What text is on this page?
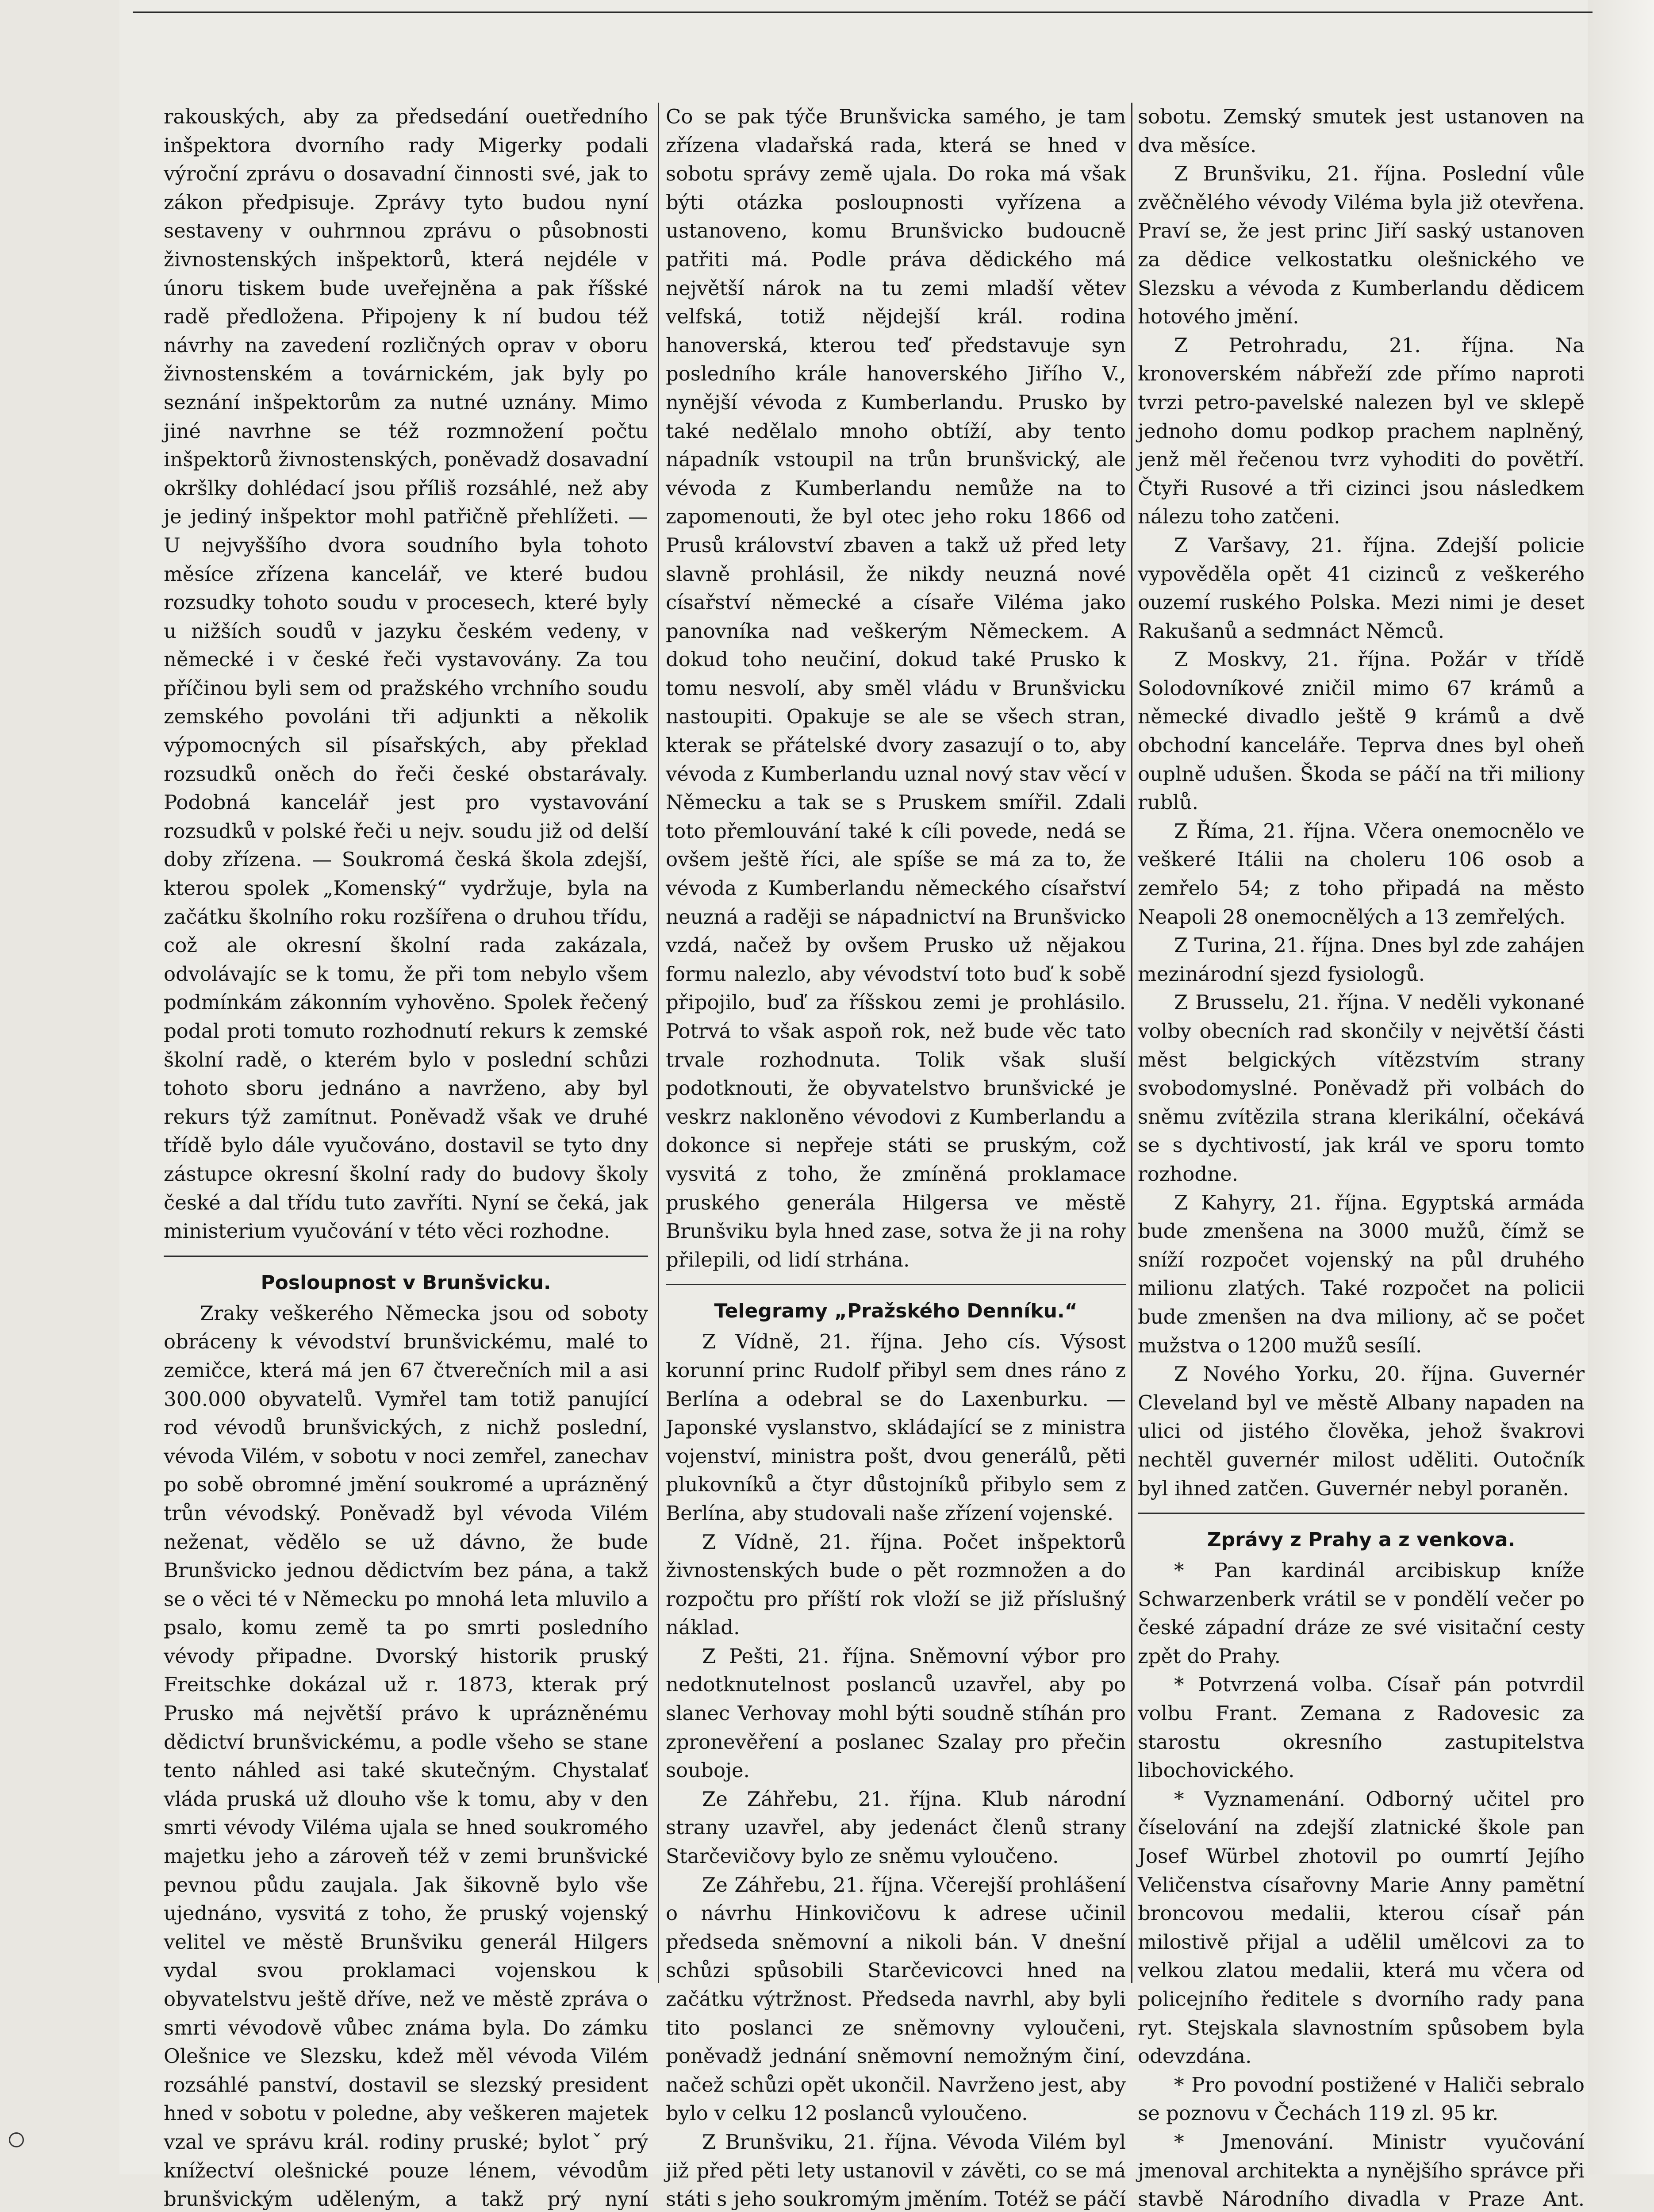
rakouských, aby za předsedání ouetředního inšpektora dvorního rady Migerky podali výroční zprávu o dosavadní činnosti své, jak to zákon předpisuje. Zprávy tyto budou nyní sestaveny v ouhrnnou zprávu o působnosti živnostenských inšpektorů, která nejdéle v únoru tiskem bude uveřejněna a pak říšské radě předložena. Připojeny k ní budou též návrhy na zavedení rozličných oprav v oboru živnostenském a továrnickém, jak byly po seznání inšpektorům za nutné uznány. Mimo jiné navrhne se též rozmnožení počtu inšpektorů živnostenských, poněvadž dosavadní okršlky dohlédací jsou příliš rozsáhlé, než aby je jediný inšpektor mohl patřičně přehlížeti. — U nejvyššího dvora soudního byla tohoto měsíce zřízena kancelář, ve které budou rozsudky tohoto soudu v procesech, které byly u nižších soudů v jazyku českém vedeny, v německé i v české řeči vystavovány. Za tou příčinou byli sem od pražského vrchního soudu zemského povoláni tři adjunkti a několik výpomocných sil písařských, aby překlad rozsudků oněch do řeči české obstarávaly. Podobná kancelář jest pro vystavování rozsudků v polské řeči u nejv. soudu již od delší doby zřízena. — Soukromá česká škola zdejší, kterou spolek „Komenský“ vydržuje, byla na začátku školního roku rozšířena o druhou třídu, což ale okresní školní rada zakázala, odvolávajíc se k tomu, že při tom nebylo všem podmínkám zákonním vyhověno. Spolek řečený podal proti tomuto rozhodnutí rekurs k zemské školní radě, o kterém bylo v poslední schůzi tohoto sboru jednáno a navrženo, aby byl rekurs týž zamítnut. Poněvadž však ve druhé třídě bylo dále vyučováno, dostavil se tyto dny zástupce okresní školní rady do budovy školy české a dal třídu tuto zavříti. Nyní se čeká, jak ministerium vyučování v této věci rozhodne.

Posloupnost v Brunšvicku.

Zraky veškerého Německa jsou od soboty obráceny k vévodství brunšvickému, malé to zemičce, která má jen 67 čtverečních mil a asi 300.000 obyvatelů. Vymřel tam totiž panující rod vévodů brunšvických, z nichž poslední, vévoda Vilém, v sobotu v noci zemřel, zanechav po sobě obromné jmění soukromé a uprázněný trůn vévodský. Poněvadž byl vévoda Vilém neženat, vědělo se už dávno, že bude Brunšvicko jednou dědictvím bez pána, a takž se o věci té v Německu po mnohá leta mluvilo a psalo, komu země ta po smrti posledního vévody připadne. Dvorský historik pruský Freitschke dokázal už r. 1873, kterak prý Prusko má největší právo k uprázněnému dědictví brunšvickému, a podle všeho se stane tento náhled asi také skutečným. Chystalať vláda pruská už dlouho vše k tomu, aby v den smrti vévody Viléma ujala se hned soukromého majetku jeho a zároveň též v zemi brunšvické pevnou půdu zaujala. Jak šikovně bylo vše ujednáno, vysvitá z toho, že pruský vojenský velitel ve městě Brunšviku generál Hilgers vydal svou proklamaci vojenskou k obyvatelstvu ještě dříve, než ve městě zpráva o smrti vévodově vůbec známa byla. Do zámku Olešnice ve Slezsku, kdež měl vévoda Vilém rozsáhlé panství, dostavil se slezský president hned v sobotu v poledne, aby veškeren majetek vzal ve správu král. rodiny pruské; bylotˇ prý knížectví olešnické pouze lénem, vévodům brunšvickým uděleným, a takž prý nyní

Co se pak týče Brunšvicka samého, je tam zřízena vladařská rada, která se hned v sobotu správy země ujala. Do roka má však býti otázka posloupnosti vyřízena a ustanoveno, komu Brunšvicko budoucně patřiti má. Podle práva dědického má největší nárok na tu zemi mladší větev velfská, totiž nějdejší král. rodina hanoverská, kterou teď představuje syn posledního krále hanoverského Jiřího V., nynější vévoda z Kumberlandu. Prusko by také nedělalo mnoho obtíží, aby tento nápadník vstoupil na trůn brunšvický, ale vévoda z Kumberlandu nemůže na to zapomenouti, že byl otec jeho roku 1866 od Prusů království zbaven a takž už před lety slavně prohlásil, že nikdy neuzná nové císařství německé a císaře Viléma jako panovníka nad veškerým Německem. A dokud toho neučiní, dokud také Prusko k tomu nesvolí, aby směl vládu v Brunšvicku nastoupiti. Opakuje se ale se všech stran, kterak se přátelské dvory zasazují o to, aby vévoda z Kumberlandu uznal nový stav věcí v Německu a tak se s Pruskem smířil. Zdali toto přemlouvání také k cíli povede, nedá se ovšem ještě říci, ale spíše se má za to, že vévoda z Kumberlandu německého císařství neuzná a raději se nápadnictví na Brunšvicko vzdá, načež by ovšem Prusko už nějakou formu nalezlo, aby vévodství toto buď k sobě připojilo, buď za říšskou zemi je prohlásilo. Potrvá to však aspoň rok, než bude věc tato trvale rozhodnuta. Tolik však sluší podotknouti, že obyvatelstvo brunšvické je veskrz nakloněno vévodovi z Kumberlandu a dokonce si nepřeje státi se pruským, což vysvitá z toho, že zmíněná proklamace pruského generála Hilgersa ve městě Brunšviku byla hned zase, sotva že ji na rohy přilepili, od lidí strhána.

Telegramy „Pražského Denníku.“

Z Vídně, 21. října. Jeho cís. Výsost korunní princ Rudolf přibyl sem dnes ráno z Berlína a odebral se do Laxenburku. — Japonské vyslanstvo, skládající se z ministra vojenství, ministra pošt, dvou generálů, pěti plukovníků a čtyr důstojníků přibylo sem z Berlína, aby studovali naše zřízení vojenské.

Z Vídně, 21. října. Počet inšpektorů živnostenských bude o pět rozmnožen a do rozpočtu pro příští rok vloží se již příslušný náklad.

Z Pešti, 21. října. Sněmovní výbor pro nedotknutelnost poslanců uzavřel, aby po slanec Verhovay mohl býti soudně stíhán pro zpronevěření a poslanec Szalay pro přečin souboje.

Ze Záhřebu, 21. října. Klub národní strany uzavřel, aby jedenáct členů strany Starčevičovy bylo ze sněmu vyloučeno.

Ze Záhřebu, 21. října. Včerejší prohlášení o návrhu Hinkovičovu k adrese učinil předseda sněmovní a nikoli bán. V dnešní schůzi spůsobili Starčevicovci hned na začátku výtržnost. Předseda navrhl, aby byli tito poslanci ze sněmovny vyloučeni, poněvadž jednání sněmovní nemožným činí, načež schůzi opět ukončil. Navrženo jest, aby bylo v celku 12 poslanců vyloučeno.

Z Brunšviku, 21. října. Vévoda Vilém byl již před pěti lety ustanovil v závěti, co se má státi s jeho soukromým jměním. Totéž se páčí

sobotu. Zemský smutek jest ustanoven na dva měsíce.

Z Brunšviku, 21. října. Poslední vůle zvěčnělého vévody Viléma byla již otevřena. Praví se, že jest princ Jiří saský ustanoven za dědice velkostatku olešnického ve Slezsku a vévoda z Kumberlandu dědicem hotového jmění.

Z Petrohradu, 21. října. Na kronoverském nábřeží zde přímo naproti tvrzi petro-pavelské nalezen byl ve sklepě jednoho domu podkop prachem naplněný, jenž měl řečenou tvrz vyhoditi do povětří. Čtyři Rusové a tři cizinci jsou následkem nálezu toho zatčeni.

Z Varšavy, 21. října. Zdejší policie vypověděla opět 41 cizinců z veškerého ouzemí ruského Polska. Mezi nimi je deset Rakušanů a sedmnáct Němců.

Z Moskvy, 21. října. Požár v třídě Solodovníkové zničil mimo 67 krámů a německé divadlo ještě 9 krámů a dvě obchodní kanceláře. Teprva dnes byl oheň ouplně udušen. Škoda se páčí na tři miliony rublů.

Z Říma, 21. října. Včera onemocnělo ve veškeré Itálii na choleru 106 osob a zemřelo 54; z toho připadá na město Neapoli 28 onemocnělých a 13 zemřelých.

Z Turina, 21. října. Dnes byl zde zahájen mezinárodní sjezd fysiologů.

Z Brusselu, 21. října. V neděli vykonané volby obecních rad skončily v největší části měst belgických vítězstvím strany svobodomyslné. Poněvadž při volbách do sněmu zvítězila strana klerikální, očekává se s dychtivostí, jak král ve sporu tomto rozhodne.

Z Kahyry, 21. října. Egyptská armáda bude zmenšena na 3000 mužů, čímž se sníží rozpočet vojenský na půl druhého milionu zlatých. Také rozpočet na policii bude zmenšen na dva miliony, ač se počet mužstva o 1200 mužů sesílí.

Z Nového Yorku, 20. října. Guvernér Cleveland byl ve městě Albany napaden na ulici od jistého člověka, jehož švakrovi nechtěl guvernér milost uděliti. Outočník byl ihned zatčen. Guvernér nebyl poraněn.

Zprávy z Prahy a z venkova.

* Pan kardinál arcibiskup kníže Schwarzenberk vrátil se v pondělí večer po české západní dráze ze své visitační cesty zpět do Prahy.

* Potvrzená volba. Císař pán potvrdil volbu Frant. Zemana z Radovesic za starostu okresního zastupitelstva libochovického.

* Vyznamenání. Odborný učitel pro číselování na zdejší zlatnické škole pan Josef Würbel zhotovil po oumrtí Jejího Veličenstva císařovny Marie Anny pamětní broncovou medalii, kterou císař pán milostivě přijal a udělil umělcovi za to velkou zlatou medalii, která mu včera od policejního ředitele s dvorního rady pana ryt. Stejskala slavnostním spůsobem byla odevzdána.

* Pro povodní postižené v Haliči sebralo se poznovu v Čechách 119 zl. 95 kr.

* Jmenování. Ministr vyučování jmenoval architekta a nynějšího správce při stavbě Národního divadla v Praze Ant.
